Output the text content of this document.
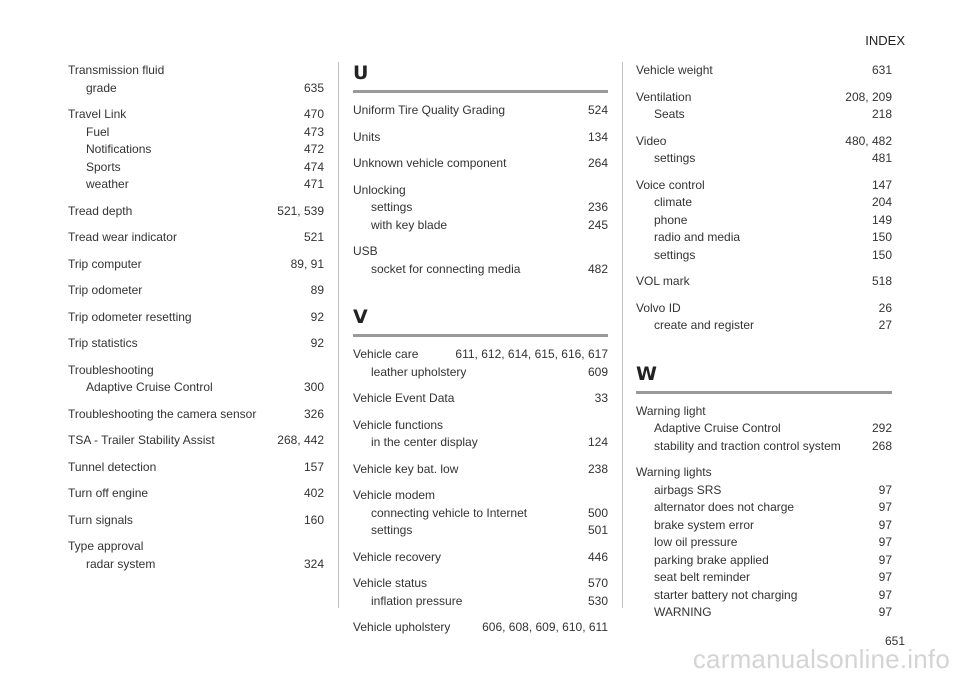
INDEX
Transmission fluid
grade	635
Travel Link	470
Fuel	473
Notifications	472
Sports	474
weather	471
Tread depth	521, 539
Tread wear indicator	521
Trip computer	89, 91
Trip odometer	89
Trip odometer resetting	92
Trip statistics	92
Troubleshooting
Adaptive Cruise Control	300
Troubleshooting the camera sensor	326
TSA - Trailer Stability Assist	268, 442
Tunnel detection	157
Turn off engine	402
Turn signals	160
Type approval
radar system	324
U
Uniform Tire Quality Grading	524
Units	134
Unknown vehicle component	264
Unlocking
settings	236
with key blade	245
USB
socket for connecting media	482
V
Vehicle care	611, 612, 614, 615, 616, 617
leather upholstery	609
Vehicle Event Data	33
Vehicle functions
in the center display	124
Vehicle key bat. low	238
Vehicle modem
connecting vehicle to Internet	500
settings	501
Vehicle recovery	446
Vehicle status	570
inflation pressure	530
Vehicle upholstery	606, 608, 609, 610, 611
Vehicle weight	631
Ventilation	208, 209
Seats	218
Video	480, 482
settings	481
Voice control	147
climate	204
phone	149
radio and media	150
settings	150
VOL mark	518
Volvo ID	26
create and register	27
W
Warning light
Adaptive Cruise Control	292
stability and traction control system	268
Warning lights
airbags SRS	97
alternator does not charge	97
brake system error	97
low oil pressure	97
parking brake applied	97
seat belt reminder	97
starter battery not charging	97
WARNING	97
651
carmanualsonline.info
